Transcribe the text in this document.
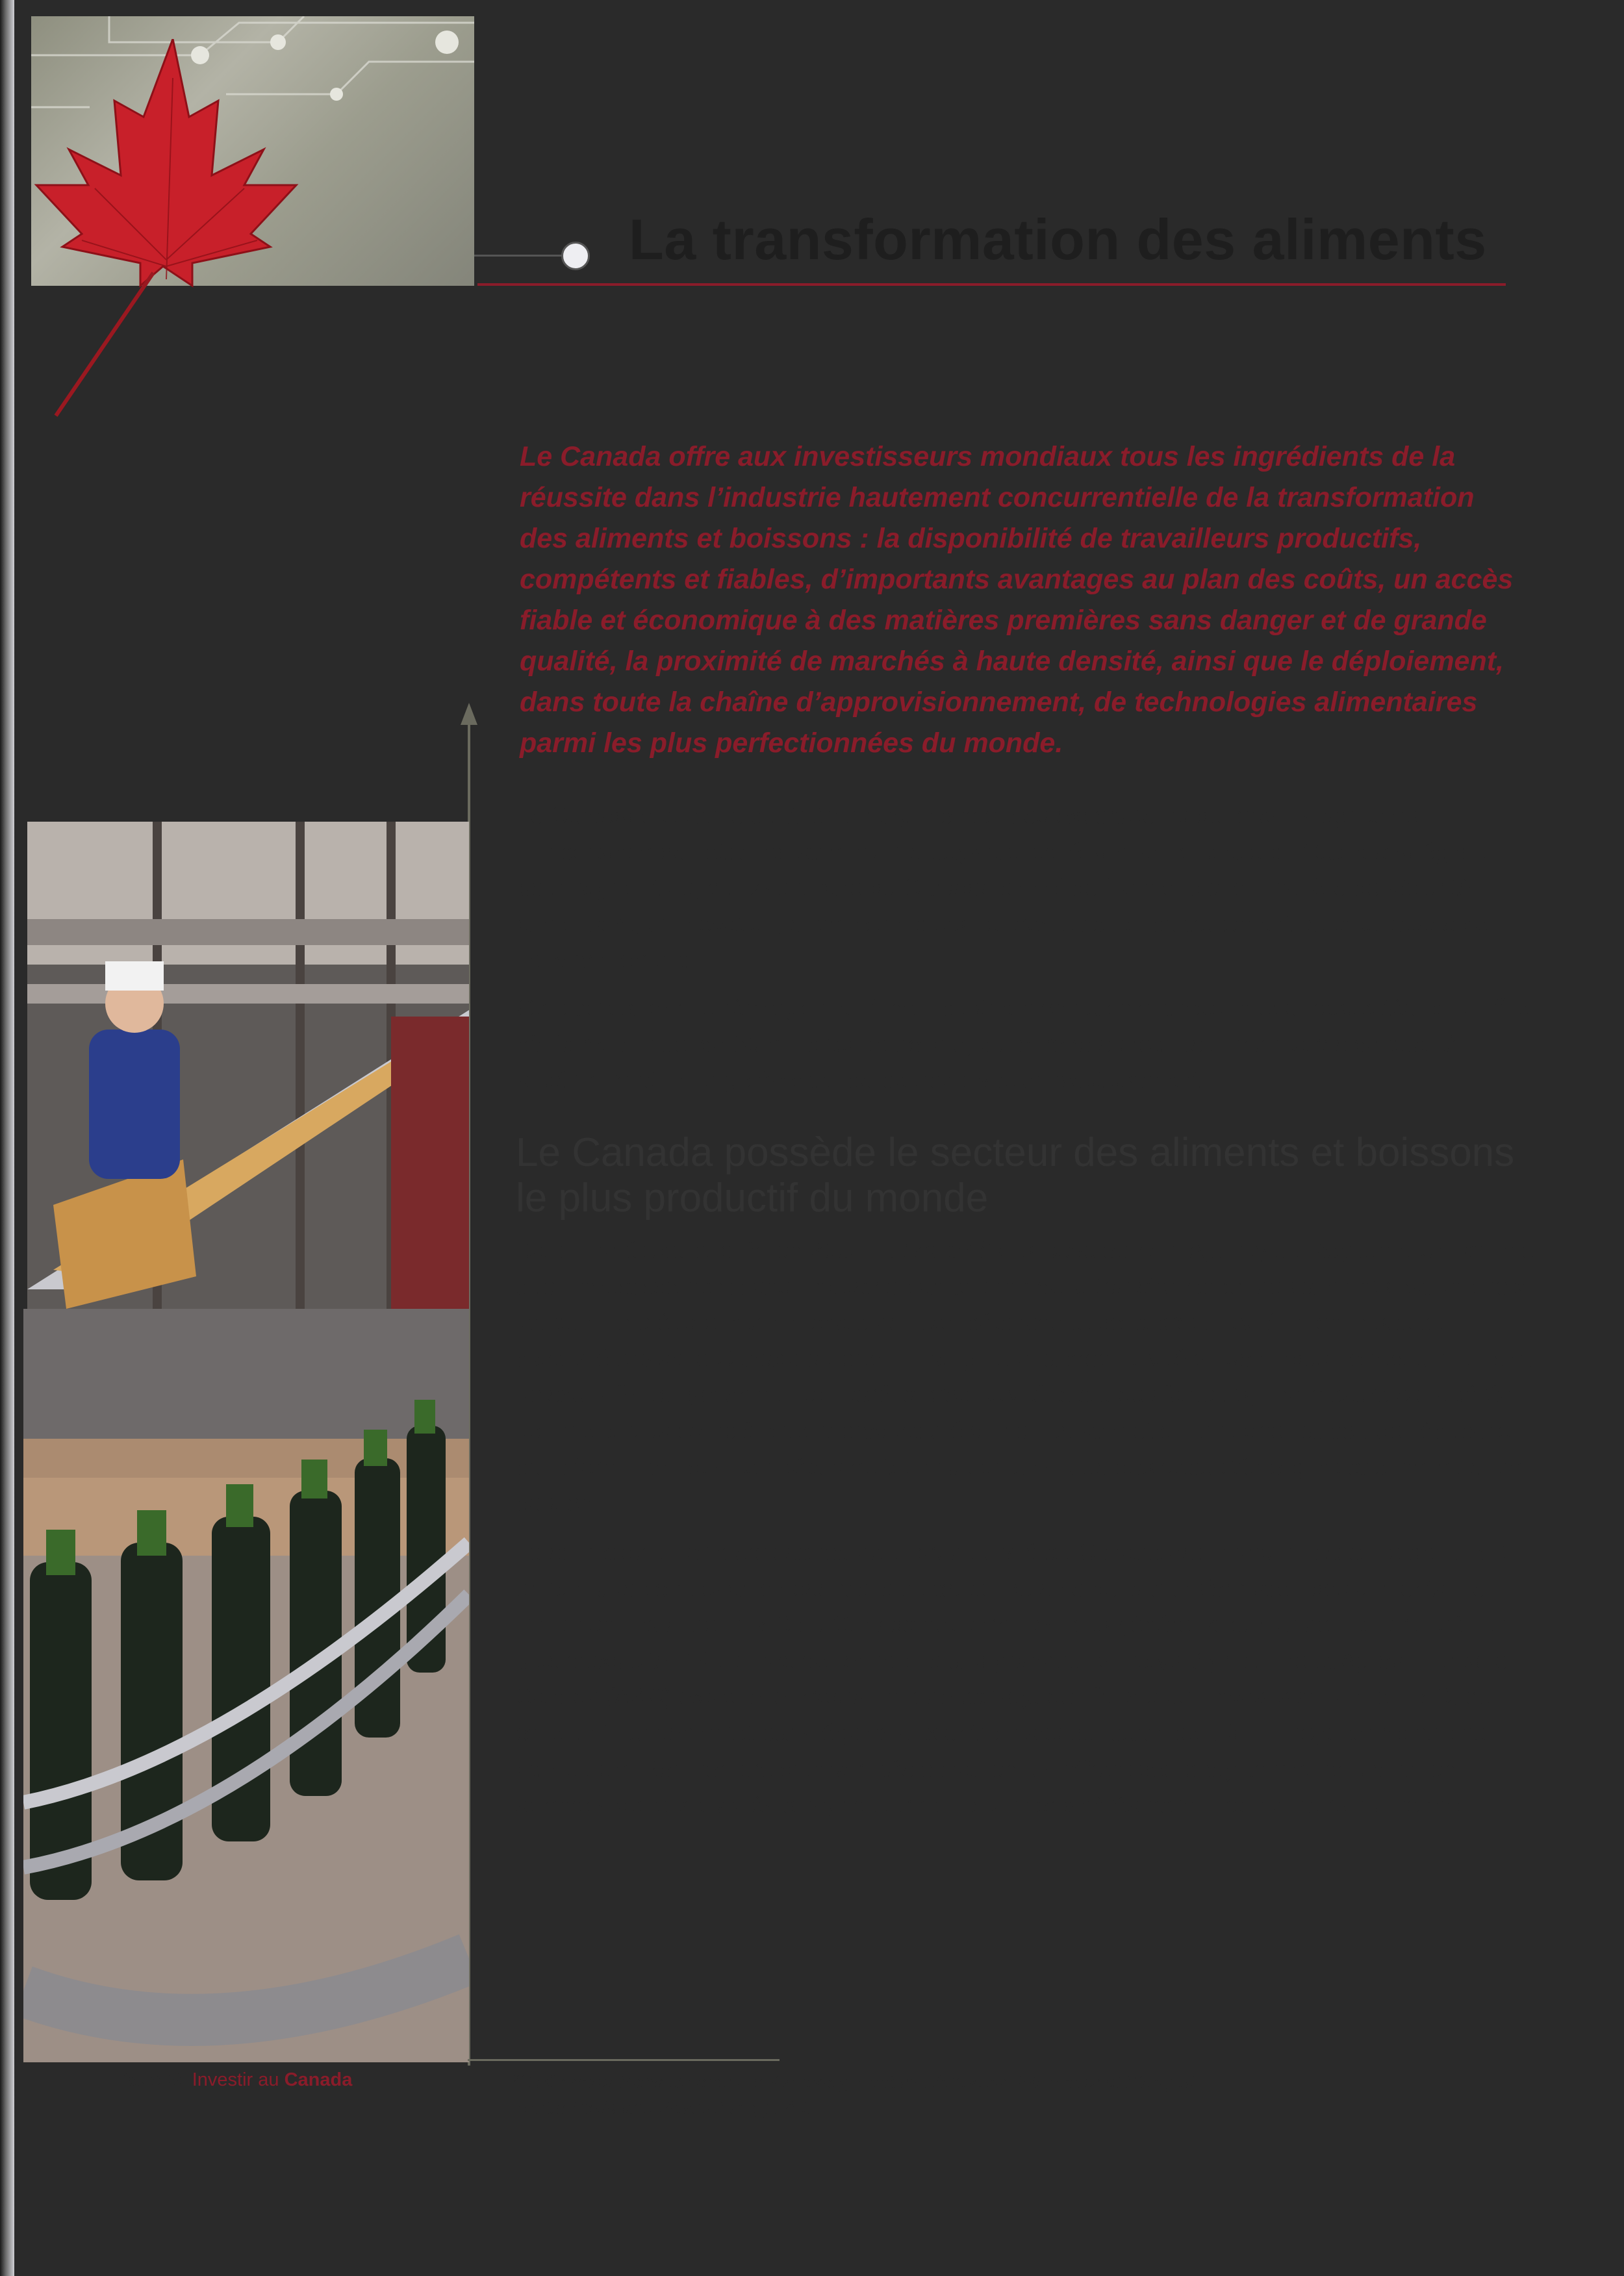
La transformation des aliments

Le Canada offre aux investisseurs mondiaux tous les ingrédients de la réussite dans l’industrie hautement concurrentielle de la transformation des aliments et boissons : la disponibilité de travailleurs productifs, compétents et fiables, d’importants avantages au plan des coûts, un accès fiable et économique à des matières premières sans danger et de grande qualité, la proximité de marchés à haute densité, ainsi que le déploiement, dans toute la chaîne d’approvisionnement, de technologies alimentaires parmi les plus perfectionnées du monde.

Le Canada occupe le quatrième rang mondial des exportateurs de produits agricoles. L’importance de cette industrie pour le pays a suscité la mise en place du Cadre stratégique pour l’agriculture, qui vise à faire du Canada le chef de file mondial en matière de sécurité alimentaire, d’innovation, et de techniques de production et de traitement respectueuses de l’environnement.

Ce cadre a permis l’émergence d’une industrie mondialement reconnue et respectée, au chiffre d’affaires annuel de 80 milliards de dollars, qui offre des produits alimen-taires de qualité supérieure et un large éventail de perspectives d’investissement.

Le Canada possède le secteur des aliments et boissons le plus productif du monde

Dans une étude publiée en 2005, la Sector Skills Development Agency du Royaume-Uni affirme que l’investissement dans l’industrie canadienne de la transformation des aliments est un choix logique. Une étude internationale des compétences et de la productivité selon le secteur d’activité classe le Canada au premier rang pour la productivité de son industrie des aliments et boissons.$^{21}$ L’organisme a comparé la productivité totale des facteurs, une mesure considérée comme la plus complète de la productivité d’une industrie et qui englobe l’apport de l’éducation, de la formation, des compétences techniques, ainsi que des capacités organisationnelles et de gestion.

Le secret de la forte croissance de la productivité au Canada est la reconnaissance de la R-D en tant que composante essentielle de toute industrie de la transformation des aliments. Le traitement fiscal de la R-D au Canada est parmi les plus généreux du monde industrialisé. En plus d’exploiter 19 centres de recherche à la grandeur du pays, Agriculture et Agroalimentaire Canada (AAC) exploite le Programme de partage des frais pour l’investissement en R-D, qui offre un financement à parts égales aux entreprises qui participent à un projet de recherche admissible. Bon nombre d’universités canadiennes offrent des programmes de pointe en sciences de la vie voués à l’agriculture qui sont considérés parmi les meilleurs du monde.

Page 38 Investir au Canada	$^{21}$UK Sector Skills Development Agency, Sectors Matter: An International Study of Sector Skills and Productivity, p. 46.
